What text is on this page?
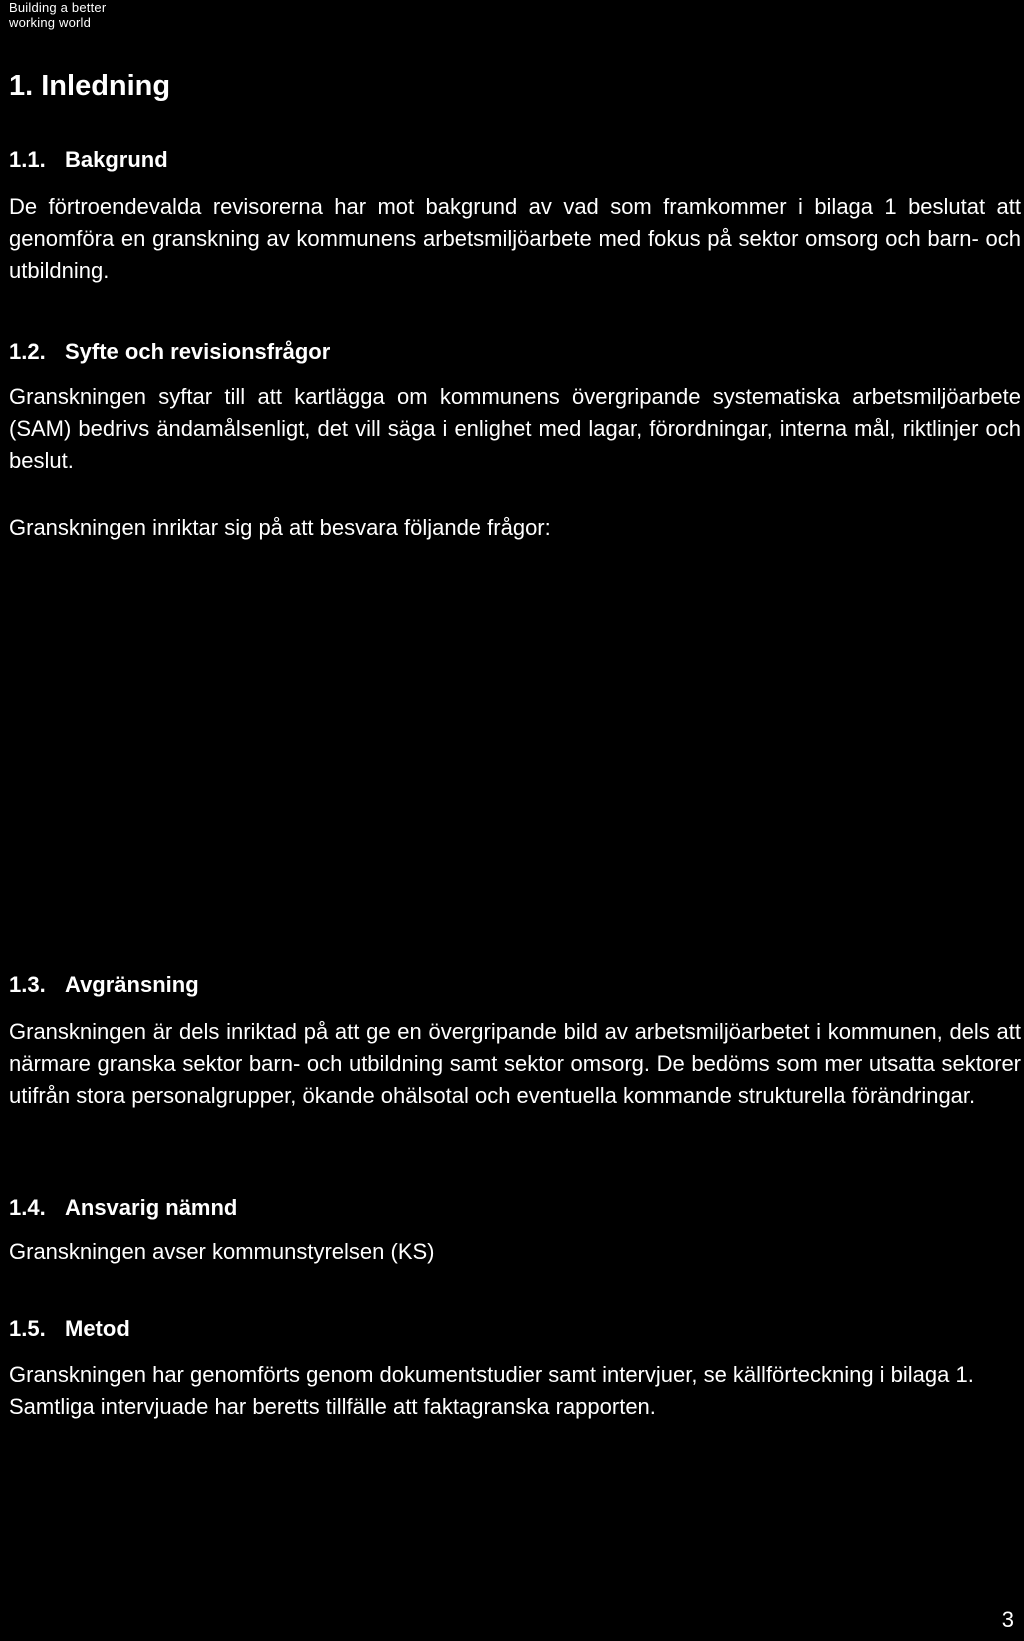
Building a better
working world
1. Inledning
1.1. Bakgrund
De förtroendevalda revisorerna har mot bakgrund av vad som framkommer i bilaga 1 beslutat att genomföra en granskning av kommunens arbetsmiljöarbete med fokus på sektor omsorg och barn- och utbildning.
1.2. Syfte och revisionsfrågor
Granskningen syftar till att kartlägga om kommunens övergripande systematiska arbetsmiljöarbete (SAM) bedrivs ändamålsenligt, det vill säga i enlighet med lagar, förordningar, interna mål, riktlinjer och beslut.
Granskningen inriktar sig på att besvara följande frågor:
1.3. Avgränsning
Granskningen är dels inriktad på att ge en övergripande bild av arbetsmiljöarbetet i kommunen, dels att närmare granska sektor barn- och utbildning samt sektor omsorg. De bedöms som mer utsatta sektorer utifrån stora personalgrupper, ökande ohälsotal och eventuella kommande strukturella förändringar.
1.4. Ansvarig nämnd
Granskningen avser kommunstyrelsen (KS)
1.5. Metod
Granskningen har genomförts genom dokumentstudier samt intervjuer, se källförteckning i bilaga 1. Samtliga intervjuade har beretts tillfälle att faktagranska rapporten.
3
